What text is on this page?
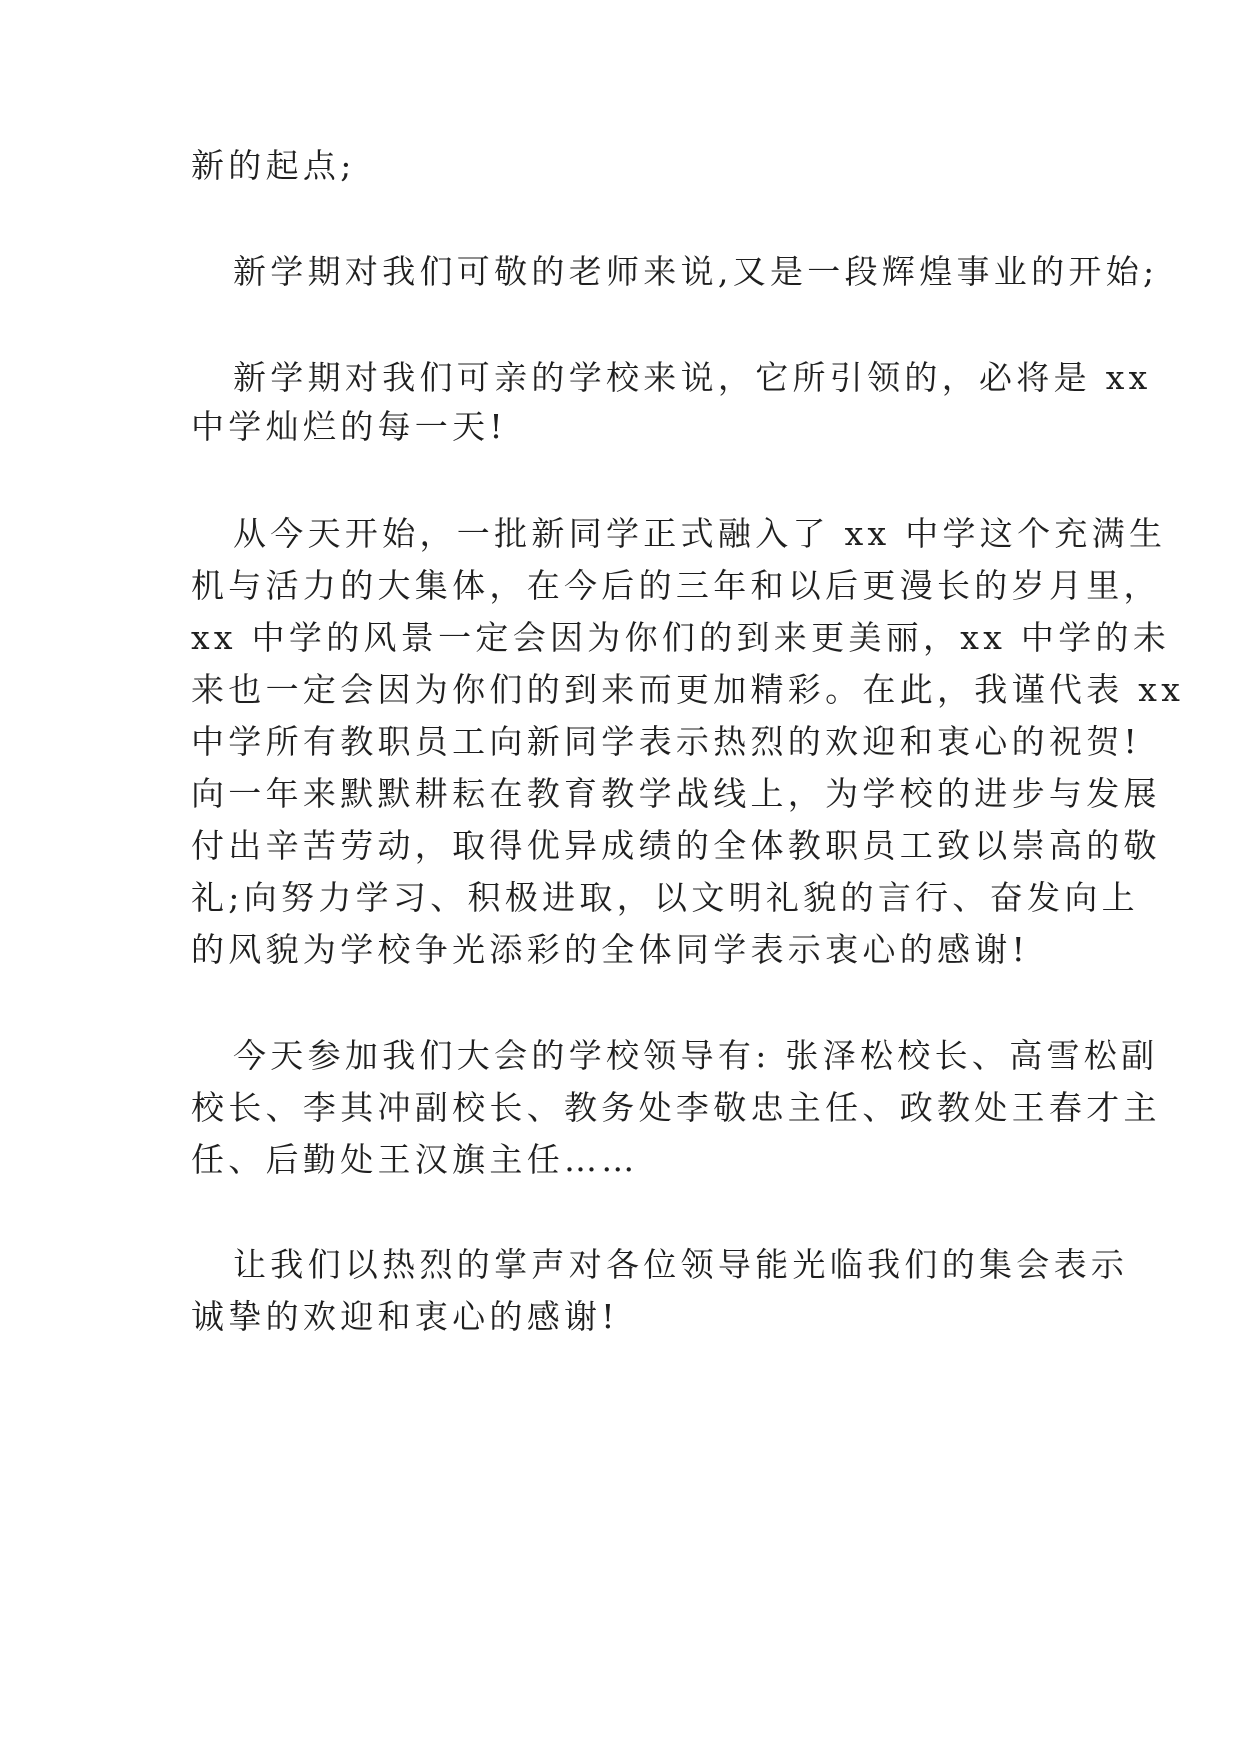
新的起点;
新学期对我们可敬的老师来说,又是一段辉煌事业的开始;
新学期对我们可亲的学校来说，它所引领的，必将是 xx
中学灿烂的每一天!
从今天开始，一批新同学正式融入了 xx 中学这个充满生
机与活力的大集体，在今后的三年和以后更漫长的岁月里，
xx 中学的风景一定会因为你们的到来更美丽，xx 中学的未
来也一定会因为你们的到来而更加精彩。在此，我谨代表 xx
中学所有教职员工向新同学表示热烈的欢迎和衷心的祝贺!
向一年来默默耕耘在教育教学战线上，为学校的进步与发展
付出辛苦劳动，取得优异成绩的全体教职员工致以崇高的敬
礼;向努力学习、积极进取，以文明礼貌的言行、奋发向上
的风貌为学校争光添彩的全体同学表示衷心的感谢!
今天参加我们大会的学校领导有: 张泽松校长、高雪松副
校长、李其冲副校长、教务处李敬忠主任、政教处王春才主
任、后勤处王汉旗主任……
让我们以热烈的掌声对各位领导能光临我们的集会表示
诚挚的欢迎和衷心的感谢!
